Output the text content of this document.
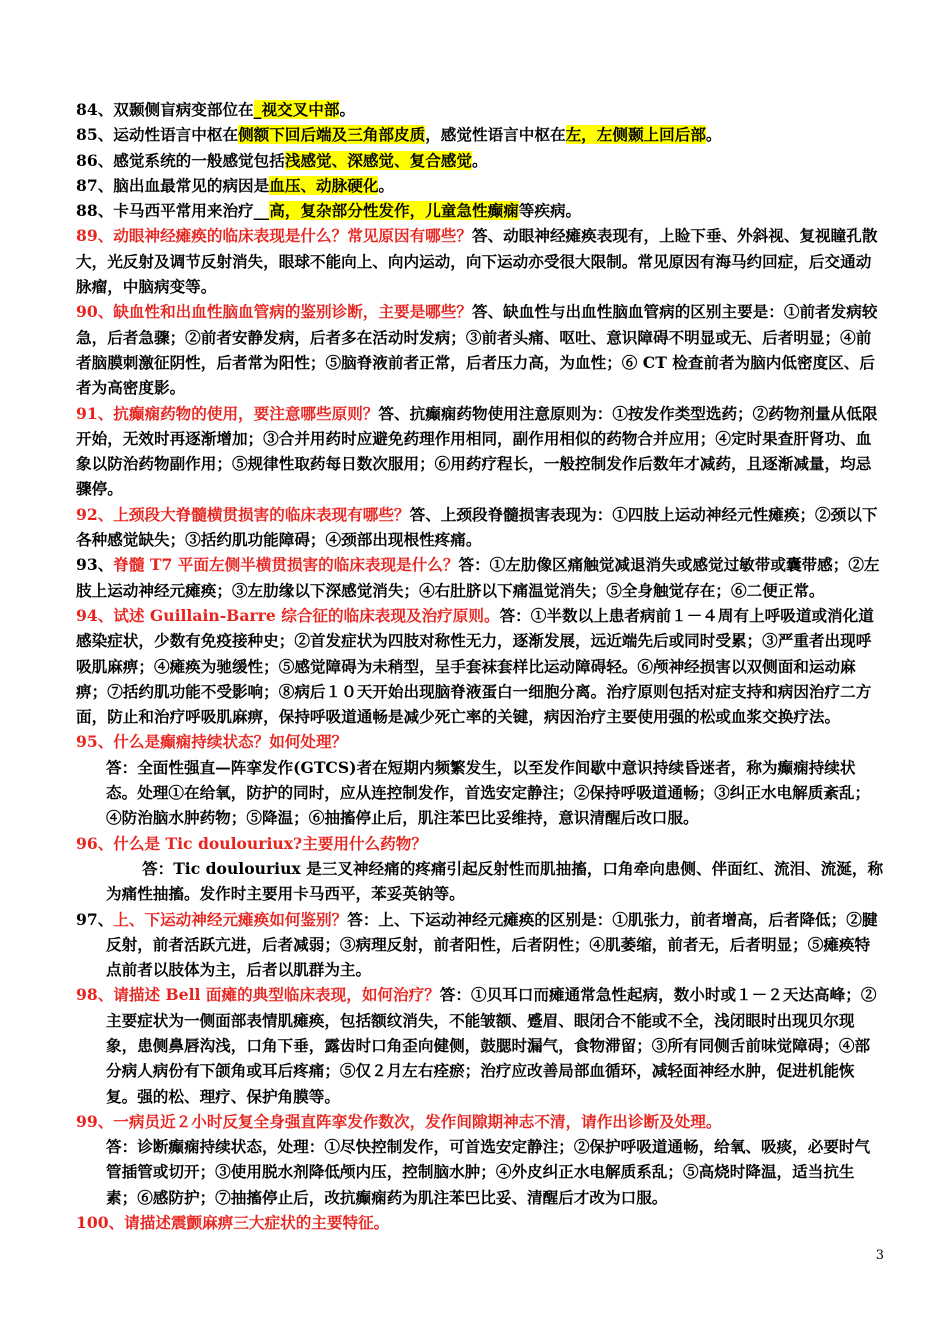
84、双颞侧盲病变部位在_视交叉中部。

85、运动性语言中枢在侧额下回后端及三角部皮质，感觉性语言中枢在左，左侧颞上回后部。

86、感觉系统的一般感觉包括浅感觉、深感觉、复合感觉。

87、脑出血最常见的病因是血压、动脉硬化。

88、卡马西平常用来治疗__高，复杂部分性发作，儿童急性癫痫等疾病。

89、动眼神经瘫痪的临床表现是什么？常见原因有哪些？答、动眼神经瘫痪表现有，上睑下垂、外斜视、复视瞳孔散大，光反射及调节反射消失，眼球不能向上、向内运动，向下运动亦受很大限制。常见原因有海马约回症，后交通动脉瘤，中脑病变等。

90、缺血性和出血性脑血管病的鉴别诊断，主要是哪些？答、缺血性与出血性脑血管病的区别主要是：①前者发病较急，后者急骤；②前者安静发病，后者多在活动时发病；③前者头痛、呕吐、意识障碍不明显或无、后者明显；④前者脑膜刺激征阴性，后者常为阳性；⑤脑脊液前者正常，后者压力高，为血性；⑥ CT 检查前者为脑内低密度区、后者为高密度影。

91、抗癫痫药物的使用，要注意哪些原则？答、抗癫痫药物使用注意原则为：①按发作类型选药；②药物剂量从低限开始，无效时再逐渐增加；③合并用药时应避免药理作用相同，副作用相似的药物合并应用；④定时果查肝肾功、血象以防治药物副作用；⑤规律性取药每日数次服用；⑥用药疗程长，一般控制发作后数年才减药，且逐渐减量，均忌骤停。

92、上颈段大脊髓横贯损害的临床表现有哪些？答、上颈段脊髓损害表现为：①四肢上运动神经元性瘫痪；②颈以下各种感觉缺失；③括约肌功能障碍；④颈部出现根性疼痛。

93、脊髓 T7 平面左侧半横贯损害的临床表现是什么？答：①左肋像区痛触觉减退消失或感觉过敏带或囊带感；②左肢上运动神经元瘫痪；③左肋缘以下深感觉消失；④右肚脐以下痛温觉消失；⑤全身触觉存在；⑥二便正常。

94、试述 Guillain-Barre 综合征的临床表现及治疗原则。答：①半数以上患者病前１－４周有上呼吸道或消化道感染症状，少数有免疫接种史；②首发症状为四肢对称性无力，逐渐发展，远近端先后或同时受累；③严重者出现呼吸肌麻痹；④瘫痪为驰缓性；⑤感觉障碍为未稍型，呈手套袜套样比运动障碍轻。⑥颅神经损害以双侧面和运动麻痹；⑦括约肌功能不受影响；⑧病后１０天开始出现脑脊液蛋白一细胞分离。治疗原则包括对症支持和病因治疗二方面，防止和治疗呼吸肌麻痹，保持呼吸道通畅是减少死亡率的关键，病因治疗主要使用强的松或血浆交换疗法。

95、什么是癫痫持续状态？如何处理？

答：全面性强直—阵挛发作(GTCS)者在短期内频繁发生，以至发作间歇中意识持续昏迷者，称为癫痫持续状态。处理①在给氧，防护的同时，应从连控制发作，首选安定静注；②保持呼吸道通畅；③纠正水电解质紊乱；④防治脑水肿药物；⑤降温；⑥抽搐停止后，肌注苯巴比妥维持，意识清醒后改口服。

96、什么是 Tic doulouriux?主要用什么药物？

答：Tic doulouriux 是三叉神经痛的疼痛引起反射性而肌抽搐，口角牵向患侧、伴面红、流泪、流涎，称为痛性抽搐。发作时主要用卡马西平，苯妥英钠等。

97、上、下运动神经元瘫痪如何鉴别？答：上、下运动神经元瘫痪的区别是：①肌张力，前者增高，后者降低；②腱反射，前者活跃亢进，后者减弱；③病理反射，前者阳性，后者阴性；④肌萎缩，前者无，后者明显；⑤瘫痪特点前者以肢体为主，后者以肌群为主。

98、请描述 Bell 面瘫的典型临床表现，如何治疗？答：①贝耳口而瘫通常急性起病，数小时或１－２天达高峰；②主要症状为一侧面部表情肌瘫痪，包括额纹消失，不能皱额、蹙眉、眼闭合不能或不全，浅闭眼时出现贝尔现象，患侧鼻唇沟浅，口角下垂，露齿时口角歪向健侧，鼓腮时漏气，食物滞留；③所有同侧舌前味觉障碍；④部分病人病份有下颌角或耳后疼痛；⑤仅２月左右痊瘀；治疗应改善局部血循环，减轻面神经水肿，促进机能恢复。强的松、理疗、保护角膜等。

99、一病员近２小时反复全身强直阵挛发作数次，发作间隙期神志不清，请作出诊断及处理。

答：诊断癫痫持续状态，处理：①尽快控制发作，可首选安定静注；②保护呼吸道通畅，给氧、吸痰，必要时气管插管或切开；③使用脱水剂降低颅内压，控制脑水肿；④外皮纠正水电解质系乱；⑤高烧时降温，适当抗生素；⑥感防护；⑦抽搐停止后，改抗癫痫药为肌注苯巴比妥、清醒后才改为口服。

100、请描述震颤麻痹三大症状的主要特征。

3
